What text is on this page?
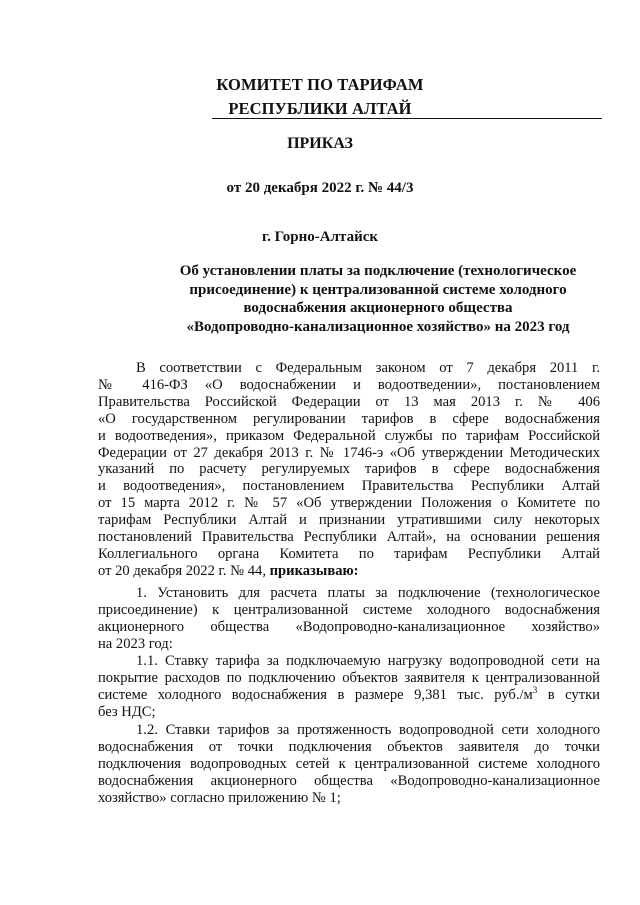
КОМИТЕТ ПО ТАРИФАМ
РЕСПУБЛИКИ АЛТАЙ
ПРИКАЗ
от 20 декабря 2022 г. № 44/3
г. Горно-Алтайск
Об установлении платы за подключение (технологическое
присоединение) к централизованной системе холодного
водоснабжения акционерного общества
«Водопроводно-канализационное хозяйство» на 2023 год
В соответствии с Федеральным законом от 7 декабря 2011 г.
№ 416-ФЗ «О водоснабжении и водоотведении», постановлением
Правительства Российской Федерации от 13 мая 2013 г. № 406
«О государственном регулировании тарифов в сфере водоснабжения
и водоотведения», приказом Федеральной службы по тарифам Российской
Федерации от 27 декабря 2013 г. № 1746-э «Об утверждении Методических
указаний по расчету регулируемых тарифов в сфере водоснабжения
и водоотведения», постановлением Правительства Республики Алтай
от 15 марта 2012 г. № 57 «Об утверждении Положения о Комитете по
тарифам Республики Алтай и признании утратившими силу некоторых
постановлений Правительства Республики Алтай», на основании решения
Коллегиального органа Комитета по тарифам Республики Алтай
от 20 декабря 2022 г. № 44, приказываю:
1. Установить для расчета платы за подключение (технологическое
присоединение) к централизованной системе холодного водоснабжения
акционерного общества «Водопроводно-канализационное хозяйство»
на 2023 год:
1.1. Ставку тарифа за подключаемую нагрузку водопроводной сети на
покрытие расходов по подключению объектов заявителя к централизованной
системе холодного водоснабжения в размере 9,381 тыс. $руб./м^3$ в сутки
без НДС;
1.2. Ставки тарифов за протяженность водопроводной сети холодного
водоснабжения от точки подключения объектов заявителя до точки
подключения водопроводных сетей к централизованной системе холодного
водоснабжения акционерного общества «Водопроводно-канализационное
хозяйство» согласно приложению № 1;
